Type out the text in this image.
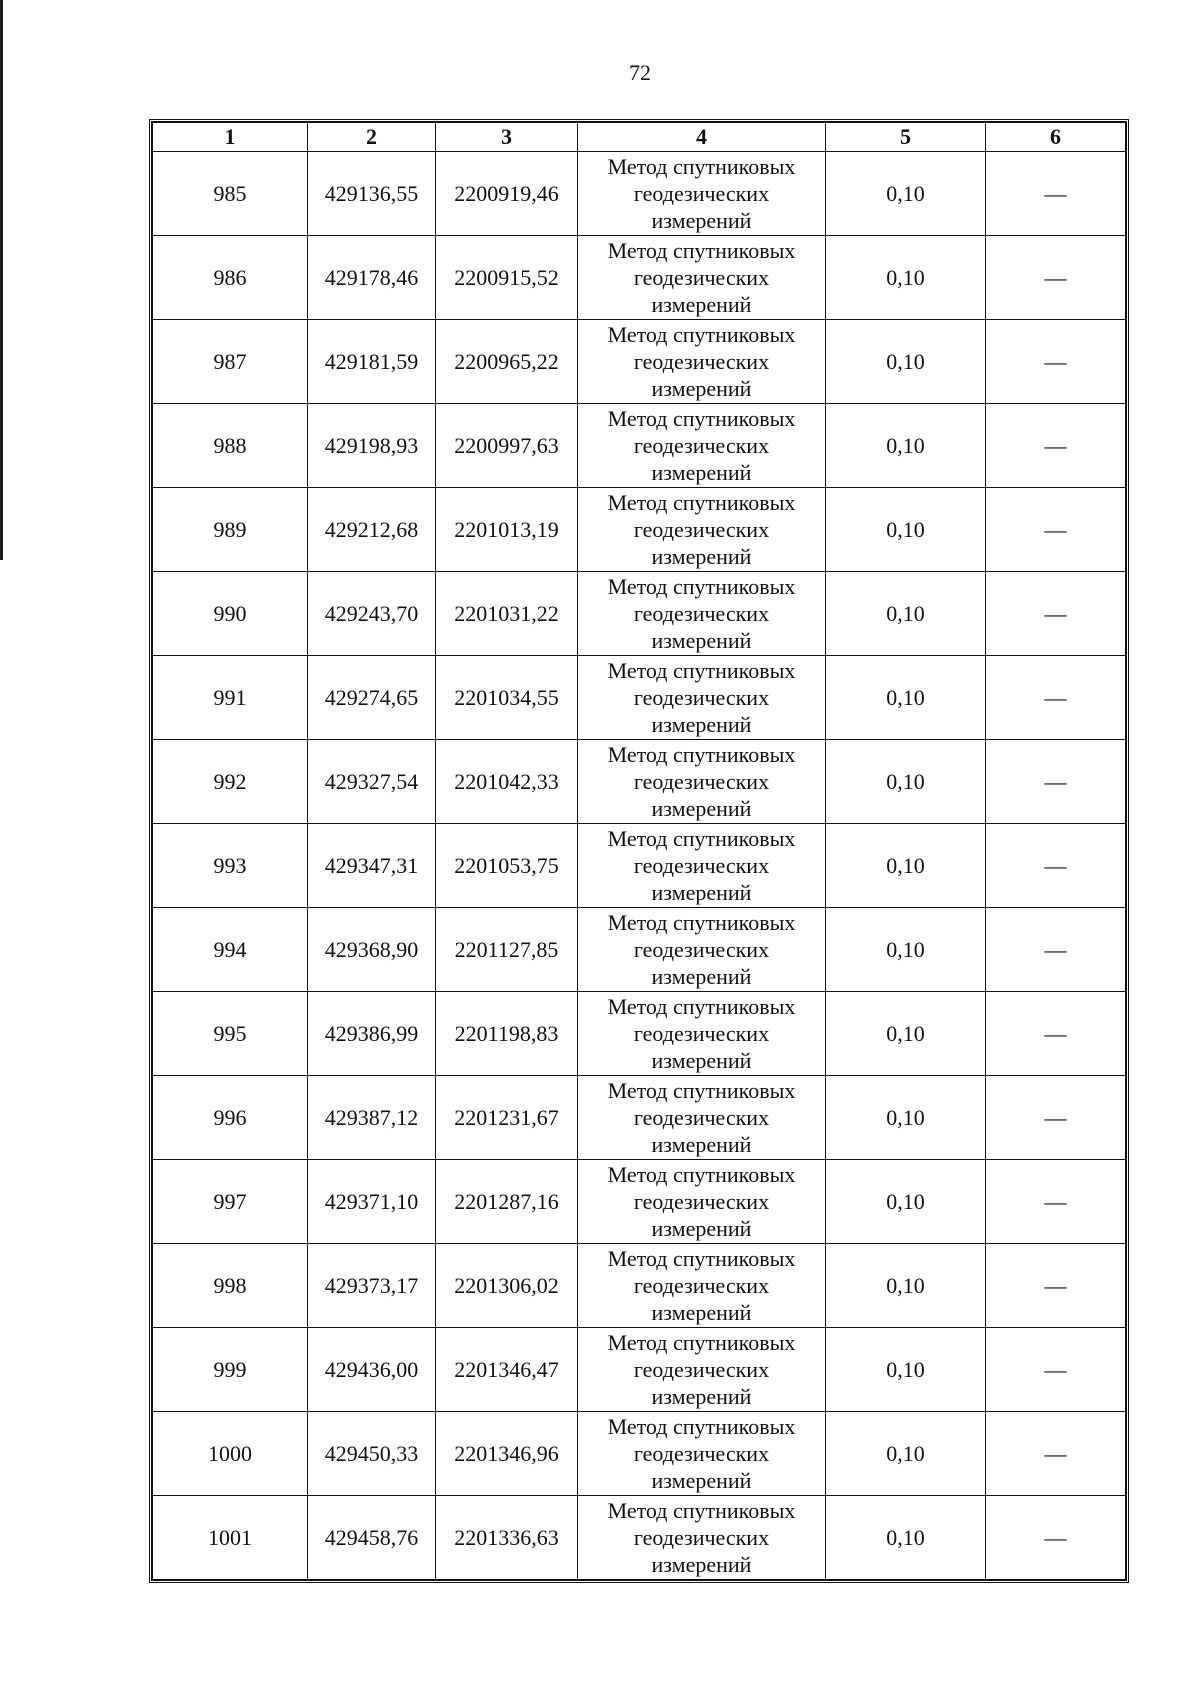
72
1	2	3	4	5	6
985	429136,55	2200919,46	Метод спутниковых геодезических измерений	0,10	—
986	429178,46	2200915,52	Метод спутниковых геодезических измерений	0,10	—
987	429181,59	2200965,22	Метод спутниковых геодезических измерений	0,10	—
988	429198,93	2200997,63	Метод спутниковых геодезических измерений	0,10	—
989	429212,68	2201013,19	Метод спутниковых геодезических измерений	0,10	—
990	429243,70	2201031,22	Метод спутниковых геодезических измерений	0,10	—
991	429274,65	2201034,55	Метод спутниковых геодезических измерений	0,10	—
992	429327,54	2201042,33	Метод спутниковых геодезических измерений	0,10	—
993	429347,31	2201053,75	Метод спутниковых геодезических измерений	0,10	—
994	429368,90	2201127,85	Метод спутниковых геодезических измерений	0,10	—
995	429386,99	2201198,83	Метод спутниковых геодезических измерений	0,10	—
996	429387,12	2201231,67	Метод спутниковых геодезических измерений	0,10	—
997	429371,10	2201287,16	Метод спутниковых геодезических измерений	0,10	—
998	429373,17	2201306,02	Метод спутниковых геодезических измерений	0,10	—
999	429436,00	2201346,47	Метод спутниковых геодезических измерений	0,10	—
1000	429450,33	2201346,96	Метод спутниковых геодезических измерений	0,10	—
1001	429458,76	2201336,63	Метод спутниковых геодезических измерений	0,10	—
